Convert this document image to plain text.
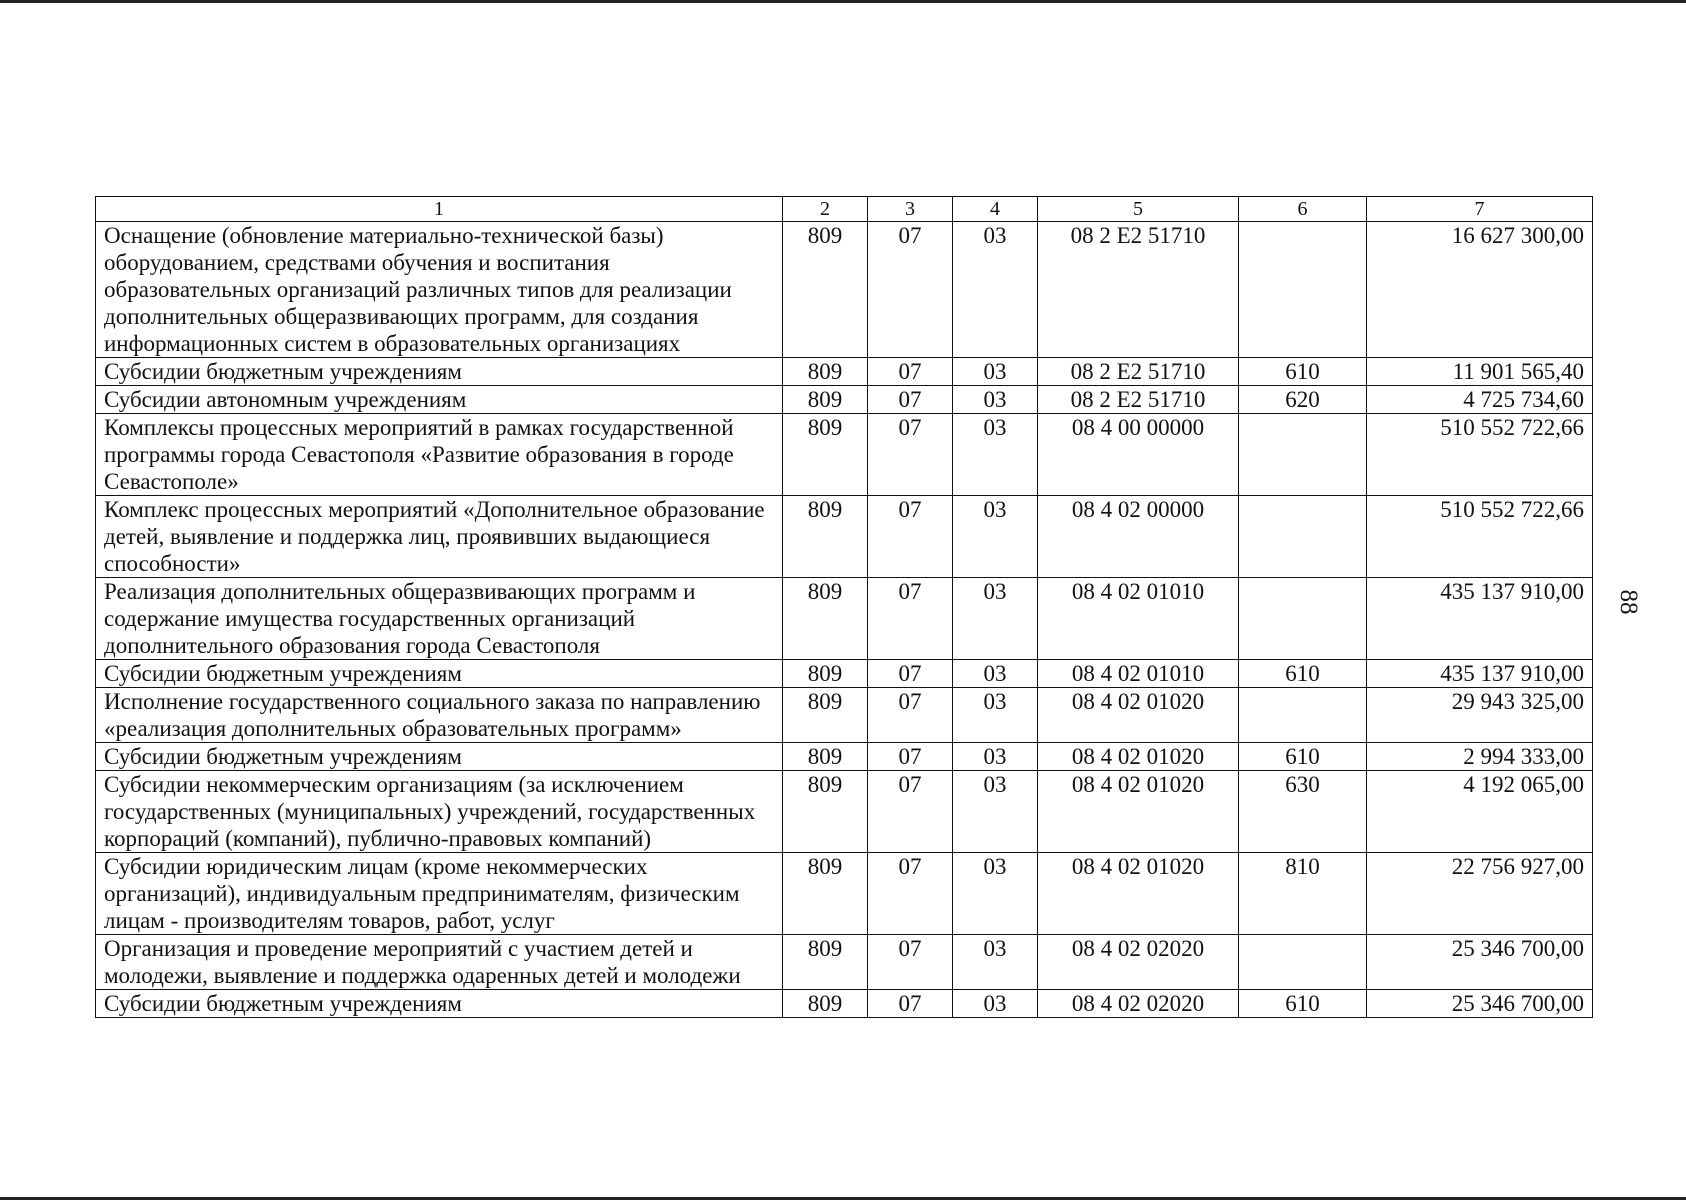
88
1	2	3	4	5	6	7
Оснащение (обновление материально-технической базы) оборудованием, средствами обучения и воспитания образовательных организаций различных типов для реализации дополнительных общеразвивающих программ, для создания информационных систем в образовательных организациях	809	07	03	08 2 E2 51710		16 627 300,00
Субсидии бюджетным учреждениям	809	07	03	08 2 E2 51710	610	11 901 565,40
Субсидии автономным учреждениям	809	07	03	08 2 E2 51710	620	4 725 734,60
Комплексы процессных мероприятий в рамках государственной программы города Севастополя «Развитие образования в городе Севастополе»	809	07	03	08 4 00 00000		510 552 722,66
Комплекс процессных мероприятий «Дополнительное образование детей, выявление и поддержка лиц, проявивших выдающиеся способности»	809	07	03	08 4 02 00000		510 552 722,66
Реализация дополнительных общеразвивающих программ и содержание имущества государственных организаций дополнительного образования города Севастополя	809	07	03	08 4 02 01010		435 137 910,00
Субсидии бюджетным учреждениям	809	07	03	08 4 02 01010	610	435 137 910,00
Исполнение государственного социального заказа по направлению «реализация дополнительных образовательных программ»	809	07	03	08 4 02 01020		29 943 325,00
Субсидии бюджетным учреждениям	809	07	03	08 4 02 01020	610	2 994 333,00
Субсидии некоммерческим организациям (за исключением государственных (муниципальных) учреждений, государственных корпораций (компаний), публично-правовых компаний)	809	07	03	08 4 02 01020	630	4 192 065,00
Субсидии юридическим лицам (кроме некоммерческих организаций), индивидуальным предпринимателям, физическим лицам - производителям товаров, работ, услуг	809	07	03	08 4 02 01020	810	22 756 927,00
Организация и проведение мероприятий с участием детей и молодежи, выявление и поддержка одаренных детей и молодежи	809	07	03	08 4 02 02020		25 346 700,00
Субсидии бюджетным учреждениям	809	07	03	08 4 02 02020	610	25 346 700,00
